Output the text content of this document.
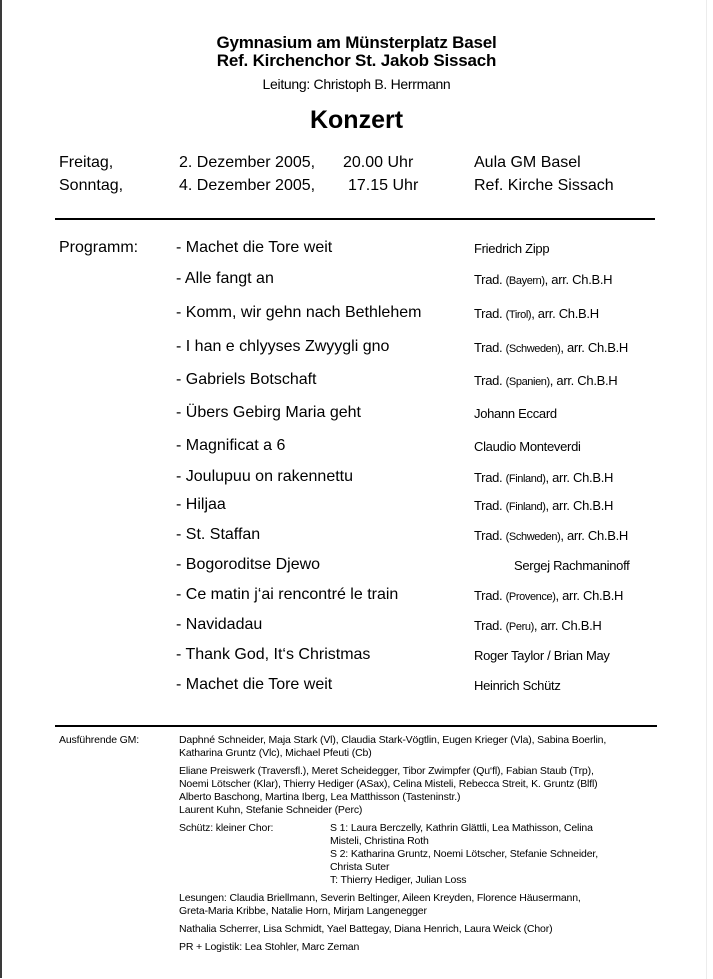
Gymnasium am Münsterplatz Basel
Ref. Kirchenchor St. Jakob Sissach
Leitung: Christoph B. Herrmann
Konzert
Freitag,	2. Dezember 2005, 20.00 Uhr	Aula GM Basel
Sonntag,	4. Dezember 2005, 17.15 Uhr	Ref. Kirche Sissach
Programm: - Machet die Tore weit	Friedrich Zipp
- Alle fangt an	Trad. (Bayern), arr. Ch.B.H
- Komm, wir gehn nach Bethlehem	Trad. (Tirol), arr. Ch.B.H
- I han e chlyyses Zwyygli gno	Trad. (Schweden), arr. Ch.B.H
- Gabriels Botschaft	Trad. (Spanien), arr. Ch.B.H
- Übers Gebirg Maria geht	Johann Eccard
- Magnificat a 6	Claudio Monteverdi
- Joulupuu on rakennettu	Trad. (Finland), arr. Ch.B.H
- Hiljaa	Trad. (Finland), arr. Ch.B.H
- St. Staffan	Trad. (Schweden), arr. Ch.B.H
- Bogoroditse Djewo	Sergej Rachmaninoff
- Ce matin j‘ai rencontré le train	Trad. (Provence), arr. Ch.B.H
- Navidadau	Trad. (Peru), arr. Ch.B.H
- Thank God, It‘s Christmas	Roger Taylor / Brian May
- Machet die Tore weit	Heinrich Schütz
Ausführende GM:	Daphné Schneider, Maja Stark (Vl), Claudia Stark-Vögtlin, Eugen Krieger (Vla), Sabina Boerlin,
Katharina Gruntz (Vlc), Michael Pfeuti (Cb)
Eliane Preiswerk (Traversfl.), Meret Scheidegger, Tibor Zwimpfer (Qu‘fl), Fabian Staub (Trp),
Noemi Lötscher (Klar), Thierry Hediger (ASax), Celina Misteli, Rebecca Streit, K. Gruntz (Blfl)
Alberto Baschong, Martina Iberg, Lea Matthisson (Tasteninstr.)
Laurent Kuhn, Stefanie Schneider (Perc)
Schütz: kleiner Chor:	S 1: Laura Berczelly, Kathrin Glättli, Lea Mathisson, Celina
Misteli, Christina Roth
S 2: Katharina Gruntz, Noemi Lötscher, Stefanie Schneider,
Christa Suter
T: Thierry Hediger, Julian Loss
Lesungen: Claudia Briellmann, Severin Beltinger, Aileen Kreyden, Florence Häusermann,
Greta-Maria Kribbe, Natalie Horn, Mirjam Langenegger
Nathalia Scherrer, Lisa Schmidt, Yael Battegay, Diana Henrich, Laura Weick (Chor)
PR + Logistik: Lea Stohler, Marc Zeman
